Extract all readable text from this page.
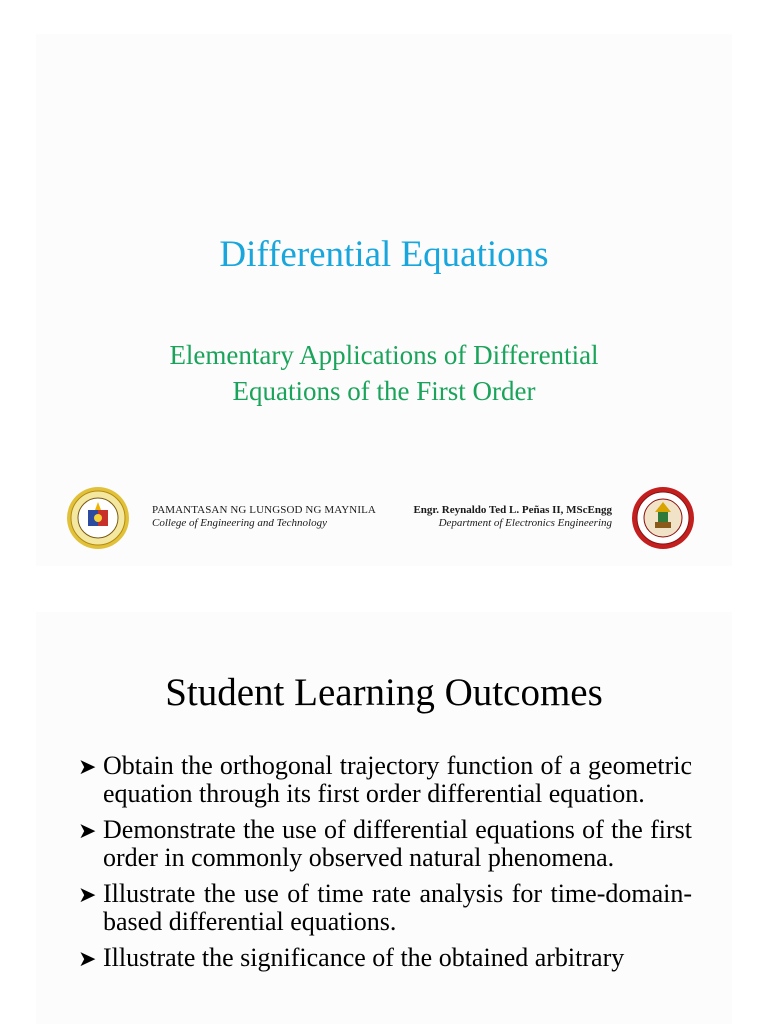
Differential Equations
Elementary Applications of Differential
Equations of the First Order
PAMANTASAN NG LUNGSOD NG MAYNILA
College of Engineering and Technology
Engr. Reynaldo Ted L. Peñas II, MScEngg
Department of Electronics Engineering
Student Learning Outcomes
➤ Obtain the orthogonal trajectory function of a geometric equation through its first order differential equation.
➤ Demonstrate the use of differential equations of the first order in commonly observed natural phenomena.
➤ Illustrate the use of time rate analysis for time-domain-based differential equations.
➤ Illustrate the significance of the obtained arbitrary
